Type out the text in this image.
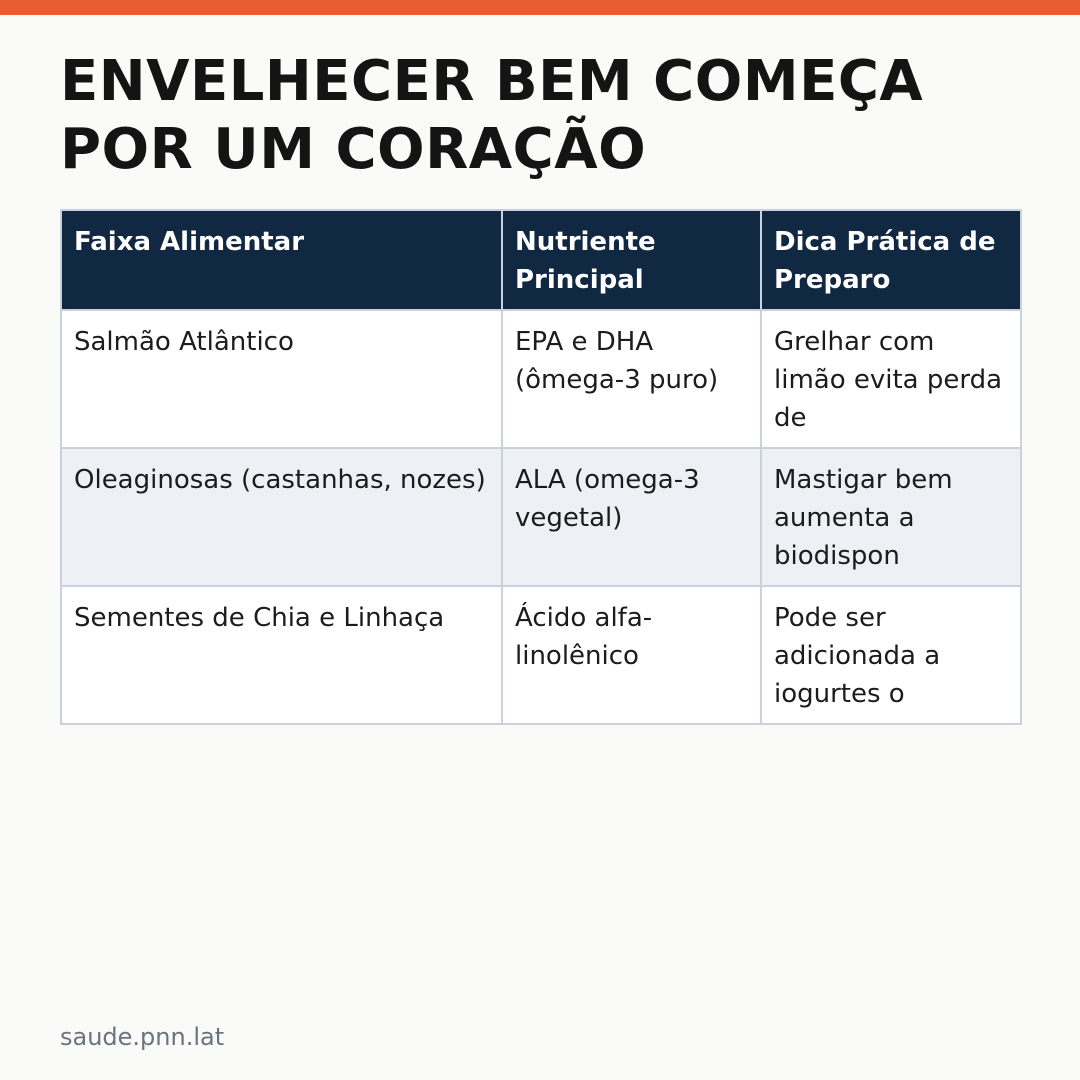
ENVELHECER BEM COMEÇA
POR UM CORAÇÃO
Faixa Alimentar	Nutriente Principal	Dica Prática de Preparo

Salmão Atlântico	EPA e DHA (ômega-3 puro)	Grelhar com limão evita perda de

Oleaginosas (castanhas, nozes)	ALA (omega-3 vegetal)	Mastigar bem aumenta a biodispon

Sementes de Chia e Linhaça	Ácido alfa-linolênico	Pode ser adicionada a iogurtes o

saude.pnn.lat
